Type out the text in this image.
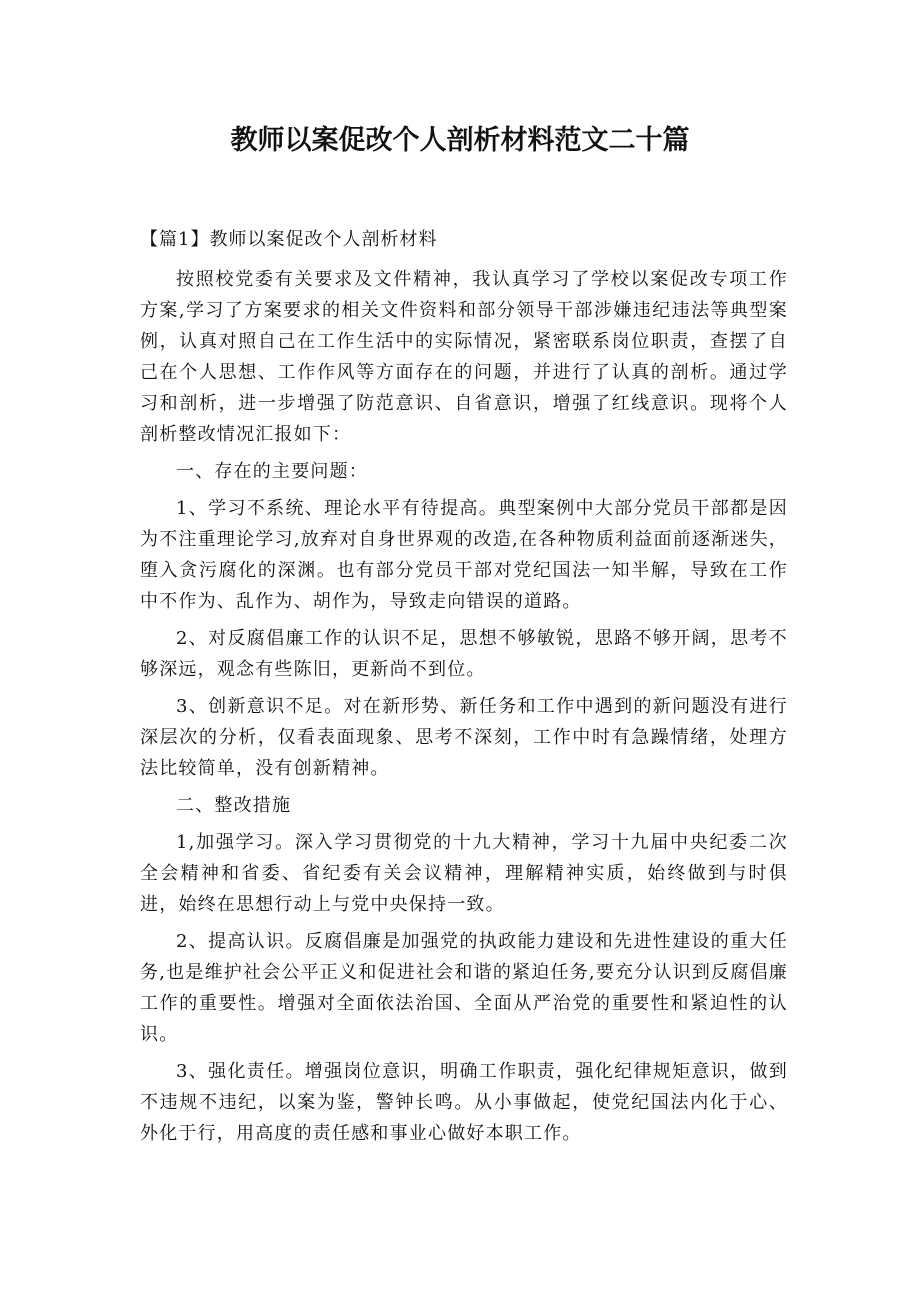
教师以案促改个人剖析材料范文二十篇

【篇1】教师以案促改个人剖析材料

按照校党委有关要求及文件精神，我认真学习了学校以案促改专项工作方案,学习了方案要求的相关文件资料和部分领导干部涉嫌违纪违法等典型案例，认真对照自己在工作生活中的实际情况，紧密联系岗位职责，查摆了自己在个人思想、工作作风等方面存在的问题，并进行了认真的剖析。通过学习和剖析，进一步增强了防范意识、自省意识，增强了红线意识。现将个人剖析整改情况汇报如下：

一、存在的主要问题：

1、学习不系统、理论水平有待提高。典型案例中大部分党员干部都是因为不注重理论学习,放弃对自身世界观的改造,在各种物质利益面前逐渐迷失，堕入贪污腐化的深渊。也有部分党员干部对党纪国法一知半解，导致在工作中不作为、乱作为、胡作为，导致走向错误的道路。

2、对反腐倡廉工作的认识不足，思想不够敏锐，思路不够开阔，思考不够深远，观念有些陈旧，更新尚不到位。

3、创新意识不足。对在新形势、新任务和工作中遇到的新问题没有进行深层次的分析，仅看表面现象、思考不深刻，工作中时有急躁情绪，处理方法比较简单，没有创新精神。

二、整改措施

1,加强学习。深入学习贯彻党的十九大精神，学习十九届中央纪委二次全会精神和省委、省纪委有关会议精神，理解精神实质，始终做到与时俱进，始终在思想行动上与党中央保持一致。

2、提高认识。反腐倡廉是加强党的执政能力建设和先进性建设的重大任务,也是维护社会公平正义和促进社会和谐的紧迫任务,要充分认识到反腐倡廉工作的重要性。增强对全面依法治国、全面从严治党的重要性和紧迫性的认识。

3、强化责任。增强岗位意识，明确工作职责，强化纪律规矩意识，做到不违规不违纪，以案为鉴，警钟长鸣。从小事做起，使党纪国法内化于心、外化于行，用高度的责任感和事业心做好本职工作。
